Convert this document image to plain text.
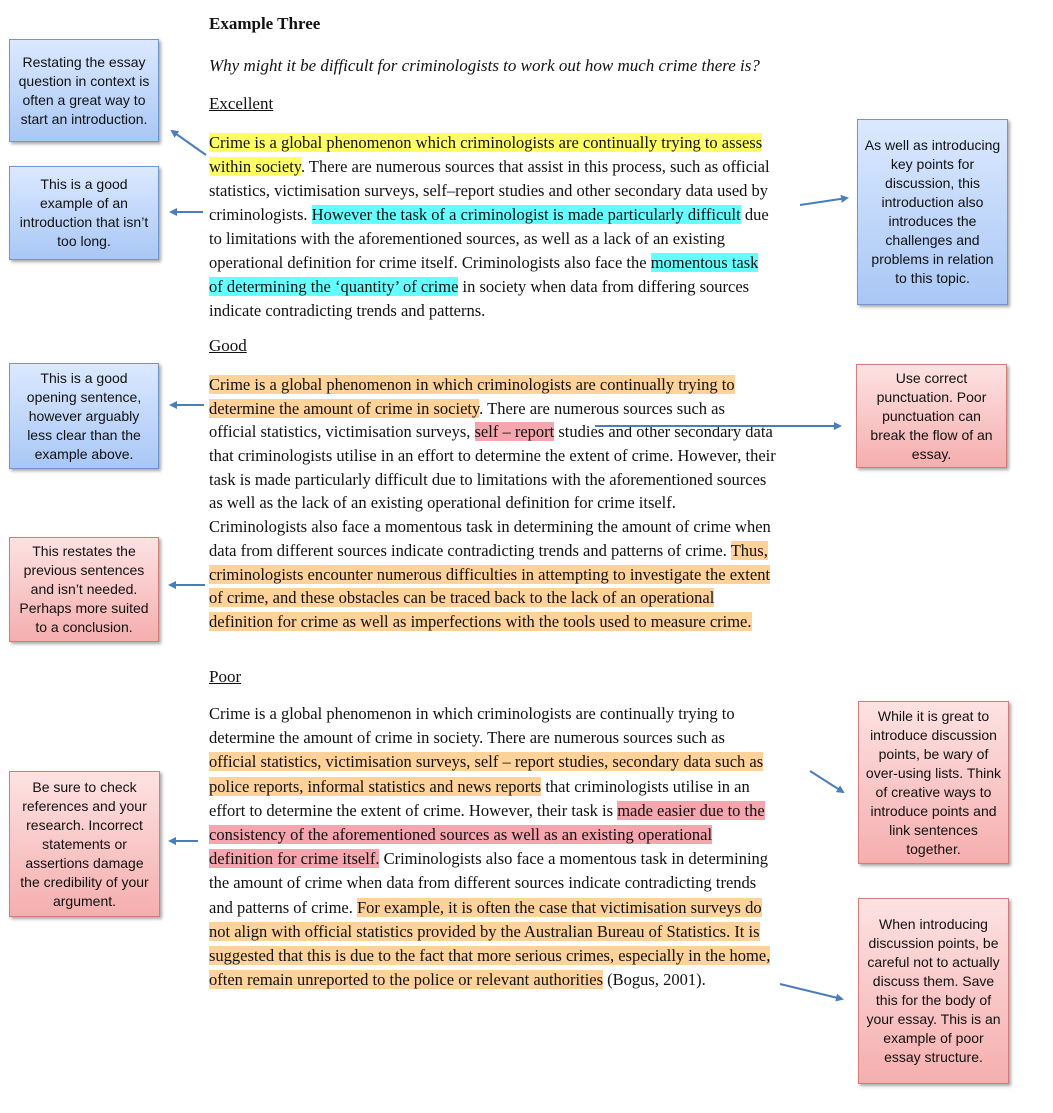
Example Three
Why might it be difficult for criminologists to work out how much crime there is?
Excellent
Crime is a global phenomenon which criminologists are continually trying to assess
within society. There are numerous sources that assist in this process, such as official
statistics, victimisation surveys, self–report studies and other secondary data used by
criminologists. However the task of a criminologist is made particularly difficult due
to limitations with the aforementioned sources, as well as a lack of an existing
operational definition for crime itself. Criminologists also face the momentous task
of determining the ‘quantity’ of crime in society when data from differing sources
indicate contradicting trends and patterns.
Good
Crime is a global phenomenon in which criminologists are continually trying to
determine the amount of crime in society. There are numerous sources such as
official statistics, victimisation surveys, self – report studies and other secondary data
that criminologists utilise in an effort to determine the extent of crime. However, their
task is made particularly difficult due to limitations with the aforementioned sources
as well as the lack of an existing operational definition for crime itself.
Criminologists also face a momentous task in determining the amount of crime when
data from different sources indicate contradicting trends and patterns of crime. Thus,
criminologists encounter numerous difficulties in attempting to investigate the extent
of crime, and these obstacles can be traced back to the lack of an operational
definition for crime as well as imperfections with the tools used to measure crime.
Poor
Crime is a global phenomenon in which criminologists are continually trying to
determine the amount of crime in society. There are numerous sources such as
official statistics, victimisation surveys, self – report studies, secondary data such as
police reports, informal statistics and news reports that criminologists utilise in an
effort to determine the extent of crime. However, their task is made easier due to the
consistency of the aforementioned sources as well as an existing operational
definition for crime itself. Criminologists also face a momentous task in determining
the amount of crime when data from different sources indicate contradicting trends
and patterns of crime. For example, it is often the case that victimisation surveys do
not align with official statistics provided by the Australian Bureau of Statistics. It is
suggested that this is due to the fact that more serious crimes, especially in the home,
often remain unreported to the police or relevant authorities (Bogus, 2001).
Restating the essay question in context is often a great way to start an introduction.
This is a good example of an introduction that isn’t too long.
This is a good opening sentence, however arguably less clear than the example above.
This restates the previous sentences and isn’t needed. Perhaps more suited to a conclusion.
Be sure to check references and your research. Incorrect statements or assertions damage the credibility of your argument.
As well as introducing key points for discussion, this introduction also introduces the challenges and problems in relation to this topic.
Use correct punctuation. Poor punctuation can break the flow of an essay.
While it is great to introduce discussion points, be wary of over-using lists. Think of creative ways to introduce points and link sentences together.
When introducing discussion points, be careful not to actually discuss them. Save this for the body of your essay. This is an example of poor essay structure.
